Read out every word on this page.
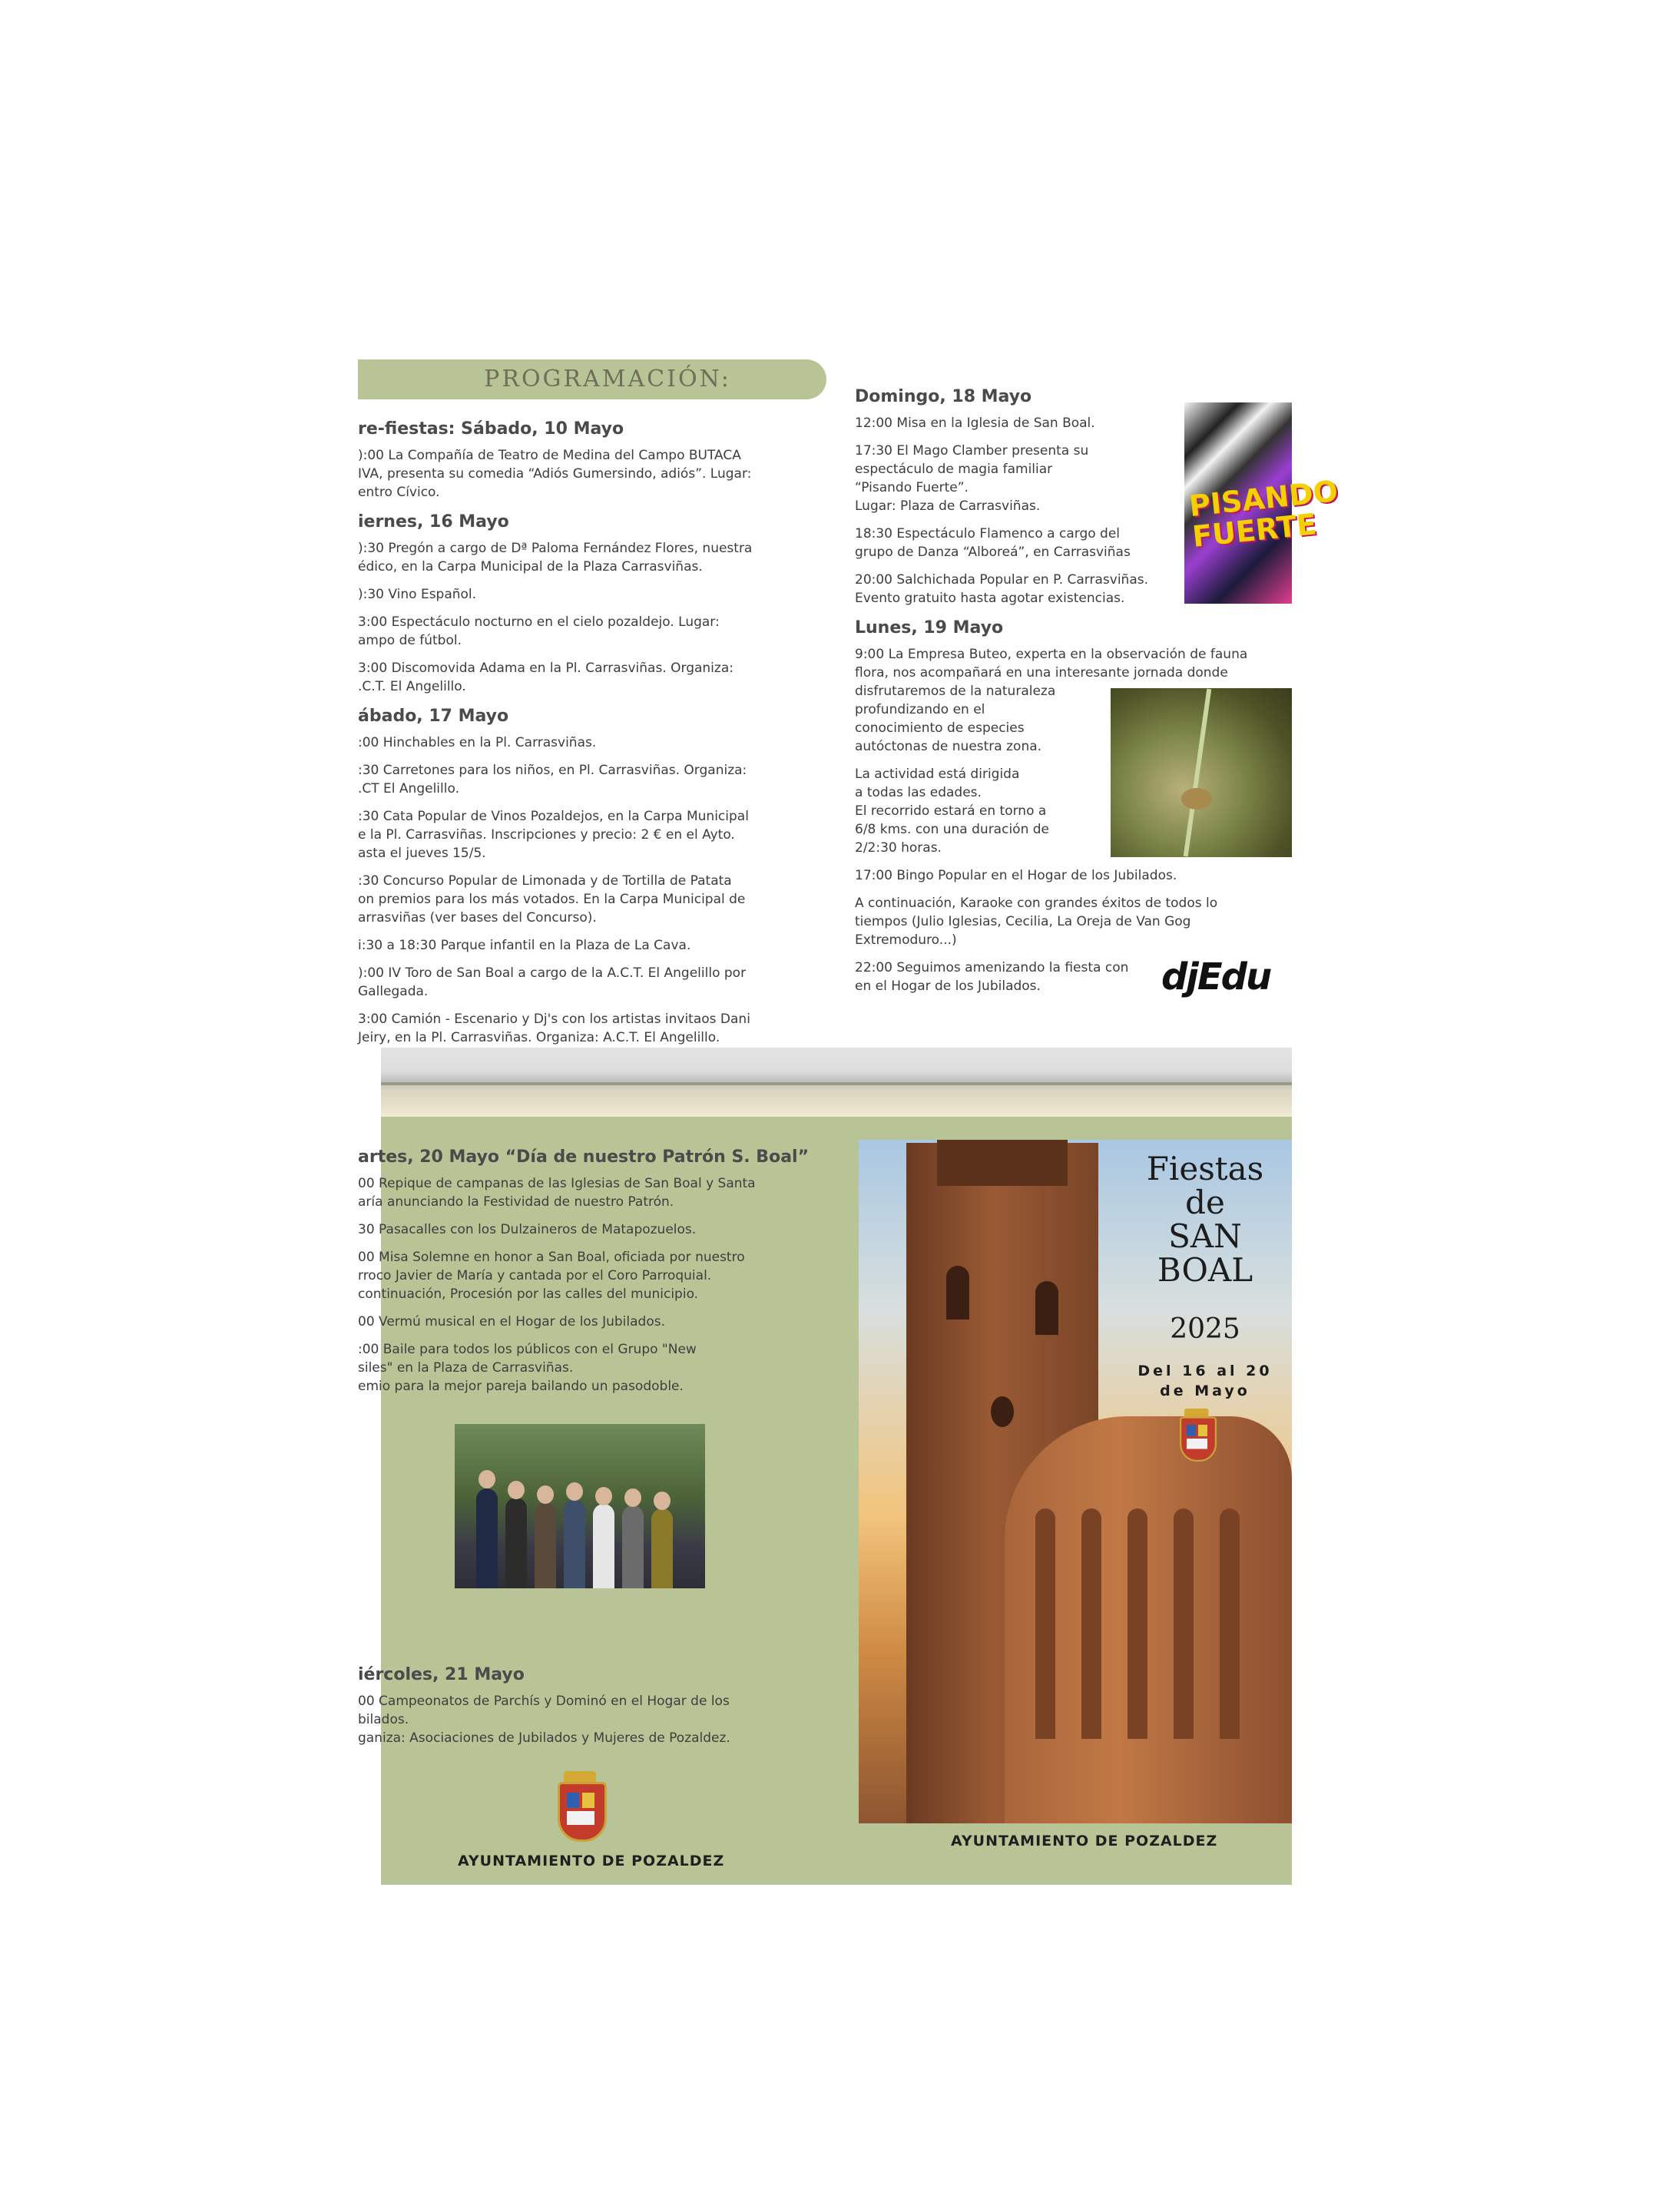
PROGRAMACIÓN:
re-fiestas: Sábado, 10 Mayo
):00 La Compañía de Teatro de Medina del Campo BUTACA
IVA, presenta su comedia “Adiós Gumersindo, adiós”. Lugar:
entro Cívico.
iernes, 16 Mayo
):30 Pregón a cargo de Dª Paloma Fernández Flores, nuestra
édico, en la Carpa Municipal de la Plaza Carrasviñas.
):30 Vino Español.
3:00 Espectáculo nocturno en el cielo pozaldejo. Lugar:
ampo de fútbol.
3:00 Discomovida Adama en la Pl. Carrasviñas. Organiza:
.C.T. El Angelillo.
ábado, 17 Mayo
:00 Hinchables en la Pl. Carrasviñas.
:30 Carretones para los niños, en Pl. Carrasviñas. Organiza:
.CT El Angelillo.
:30 Cata Popular de Vinos Pozaldejos, en la Carpa Municipal
e la Pl. Carrasviñas. Inscripciones y precio: 2 € en el Ayto.
asta el jueves 15/5.
:30 Concurso Popular de Limonada y de Tortilla de Patata
on premios para los más votados. En la Carpa Municipal de
arrasviñas (ver bases del Concurso).
i:30 a 18:30 Parque infantil en la Plaza de La Cava.
):00 IV Toro de San Boal a cargo de la A.C.T. El Angelillo por
Gallegada.
3:00 Camión - Escenario y Dj's con los artistas invitaos Dani
Jeiry, en la Pl. Carrasviñas. Organiza: A.C.T. El Angelillo.
Domingo, 18 Mayo
12:00 Misa en la Iglesia de San Boal.
17:30 El Mago Clamber presenta su
espectáculo de magia familiar
“Pisando Fuerte”.
Lugar: Plaza de Carrasviñas.
18:30 Espectáculo Flamenco a cargo del
grupo de Danza “Alboreá”, en Carrasviñas
20:00 Salchichada Popular en P. Carrasviñas.
Evento gratuito hasta agotar existencias.
Lunes, 19 Mayo
9:00 La Empresa Buteo, experta en la observación de fauna
flora, nos acompañará en una interesante jornada donde
disfrutaremos de la naturaleza
profundizando en el
conocimiento de especies
autóctonas de nuestra zona.
La actividad está dirigida
a todas las edades.
El recorrido estará en torno a
6/8 kms. con una duración de
2/2:30 horas.
17:00 Bingo Popular en el Hogar de los Jubilados.
A continuación, Karaoke con grandes éxitos de todos lo
tiempos (Julio Iglesias, Cecilia, La Oreja de Van Gog
Extremoduro...)
22:00 Seguimos amenizando la fiesta con
en el Hogar de los Jubilados.
PISANDO
FUERTE
djEdu
artes, 20 Mayo “Día de nuestro Patrón S. Boal”
00 Repique de campanas de las Iglesias de San Boal y Santa
aría anunciando la Festividad de nuestro Patrón.
30 Pasacalles con los Dulzaineros de Matapozuelos.
00 Misa Solemne en honor a San Boal, oficiada por nuestro
rroco Javier de María y cantada por el Coro Parroquial.
continuación, Procesión por las calles del municipio.
00 Vermú musical en el Hogar de los Jubilados.
:00 Baile para todos los públicos con el Grupo "New
siles" en la Plaza de Carrasviñas.
emio para la mejor pareja bailando un pasodoble.
iércoles, 21 Mayo
00 Campeonatos de Parchís y Dominó en el Hogar de los
bilados.
ganiza: Asociaciones de Jubilados y Mujeres de Pozaldez.
AYUNTAMIENTO DE POZALDEZ
Fiestas
de
SAN
BOAL
2025
Del 16 al 20
de Mayo
AYUNTAMIENTO DE POZALDEZ
